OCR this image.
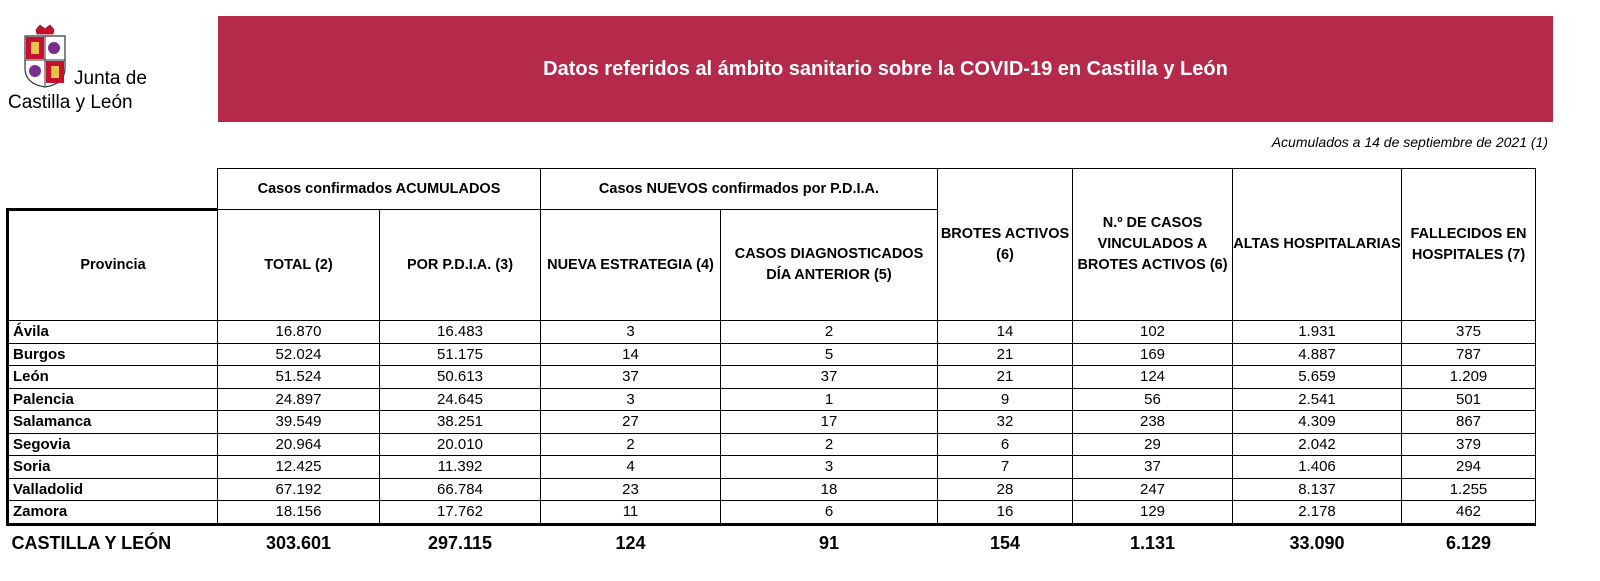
Junta de
Castilla y León
Datos referidos al ámbito sanitario sobre la COVID-19 en Castilla y León
Acumulados a 14 de septiembre de 2021 (1)
	Casos confirmados ACUMULADOS		Casos NUEVOS confirmados por P.D.I.A.		BROTES ACTIVOS (6)	N.º DE CASOS VINCULADOS A BROTES ACTIVOS (6)	ALTAS HOSPITALARIAS	FALLECIDOS EN HOSPITALES (7)
Provincia	TOTAL (2)	POR P.D.I.A. (3)	NUEVA ESTRATEGIA (4)	CASOS DIAGNOSTICADOS DÍA ANTERIOR (5)				
Ávila	16.870	16.483	3	2	14	102	1.931	375
Burgos	52.024	51.175	14	5	21	169	4.887	787
León	51.524	50.613	37	37	21	124	5.659	1.209
Palencia	24.897	24.645	3	1	9	56	2.541	501
Salamanca	39.549	38.251	27	17	32	238	4.309	867
Segovia	20.964	20.010	2	2	6	29	2.042	379
Soria	12.425	11.392	4	3	7	37	1.406	294
Valladolid	67.192	66.784	23	18	28	247	8.137	1.255
Zamora	18.156	17.762	11	6	16	129	2.178	462
CASTILLA Y LEÓN	303.601	297.115	124	91	154	1.131	33.090	6.129
